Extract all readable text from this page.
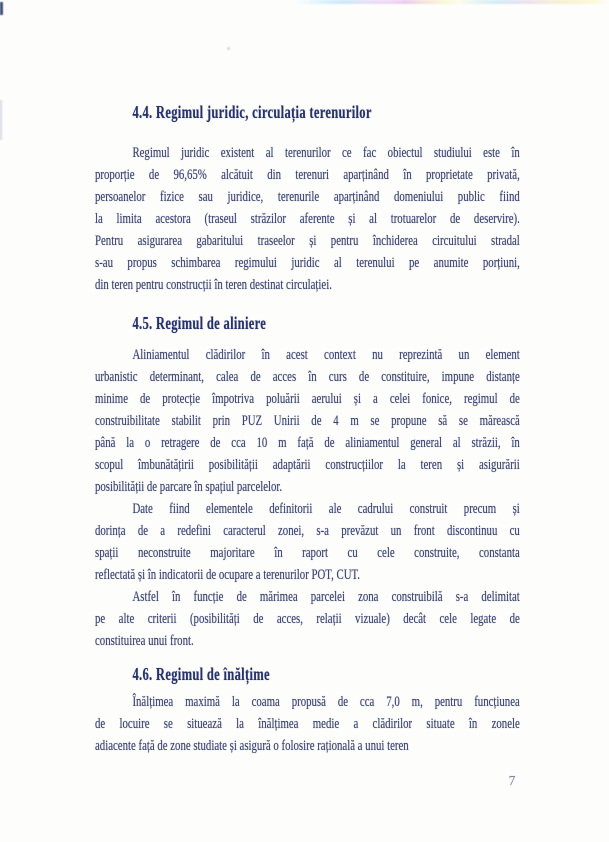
4.4. Regimul juridic, circulația terenurilor
Regimul juridic existent al terenurilor ce fac obiectul studiului este în
proporție de 96,65% alcătuit din terenuri aparținând în proprietate privată,
persoanelor fizice sau juridice, terenurile aparținând domeniului public fiind
la limita acestora (traseul străzilor aferente și al trotuarelor de deservire).
Pentru asigurarea gabaritului traseelor și pentru închiderea circuitului stradal
s-au propus schimbarea regimului juridic al terenului pe anumite porțiuni,
din teren pentru construcții în teren destinat circulației.
4.5. Regimul de aliniere
Aliniamentul clădirilor în acest context nu reprezintă un element
urbanistic determinant, calea de acces în curs de constituire, impune distanțe
minime de protecție împotriva poluării aerului și a celei fonice, regimul de
construibilitate stabilit prin PUZ Unirii de 4 m se propune să se mărească
până la o retragere de cca 10 m față de aliniamentul general al străzii, în
scopul îmbunătățirii posibilității adaptării construcțiilor la teren și asigurării
posibilității de parcare în spațiul parcelelor.
Date fiind elementele definitorii ale cadrului construit precum și
dorința de a redefini caracterul zonei, s-a prevăzut un front discontinuu cu
spații neconstruite majoritare în raport cu cele construite, constanta
reflectată și în indicatorii de ocupare a terenurilor POT, CUT.
Astfel în funcție de mărimea parcelei zona construibilă s-a delimitat
pe alte criterii (posibilități de acces, relații vizuale) decât cele legate de
constituirea unui front.
4.6. Regimul de înălțime
Înălțimea maximă la coama propusă de cca 7,0 m, pentru funcțiunea
de locuire se situează la înălțimea medie a clădirilor situate în zonele
adiacente față de zone studiate și asigură o folosire rațională a unui teren
7
